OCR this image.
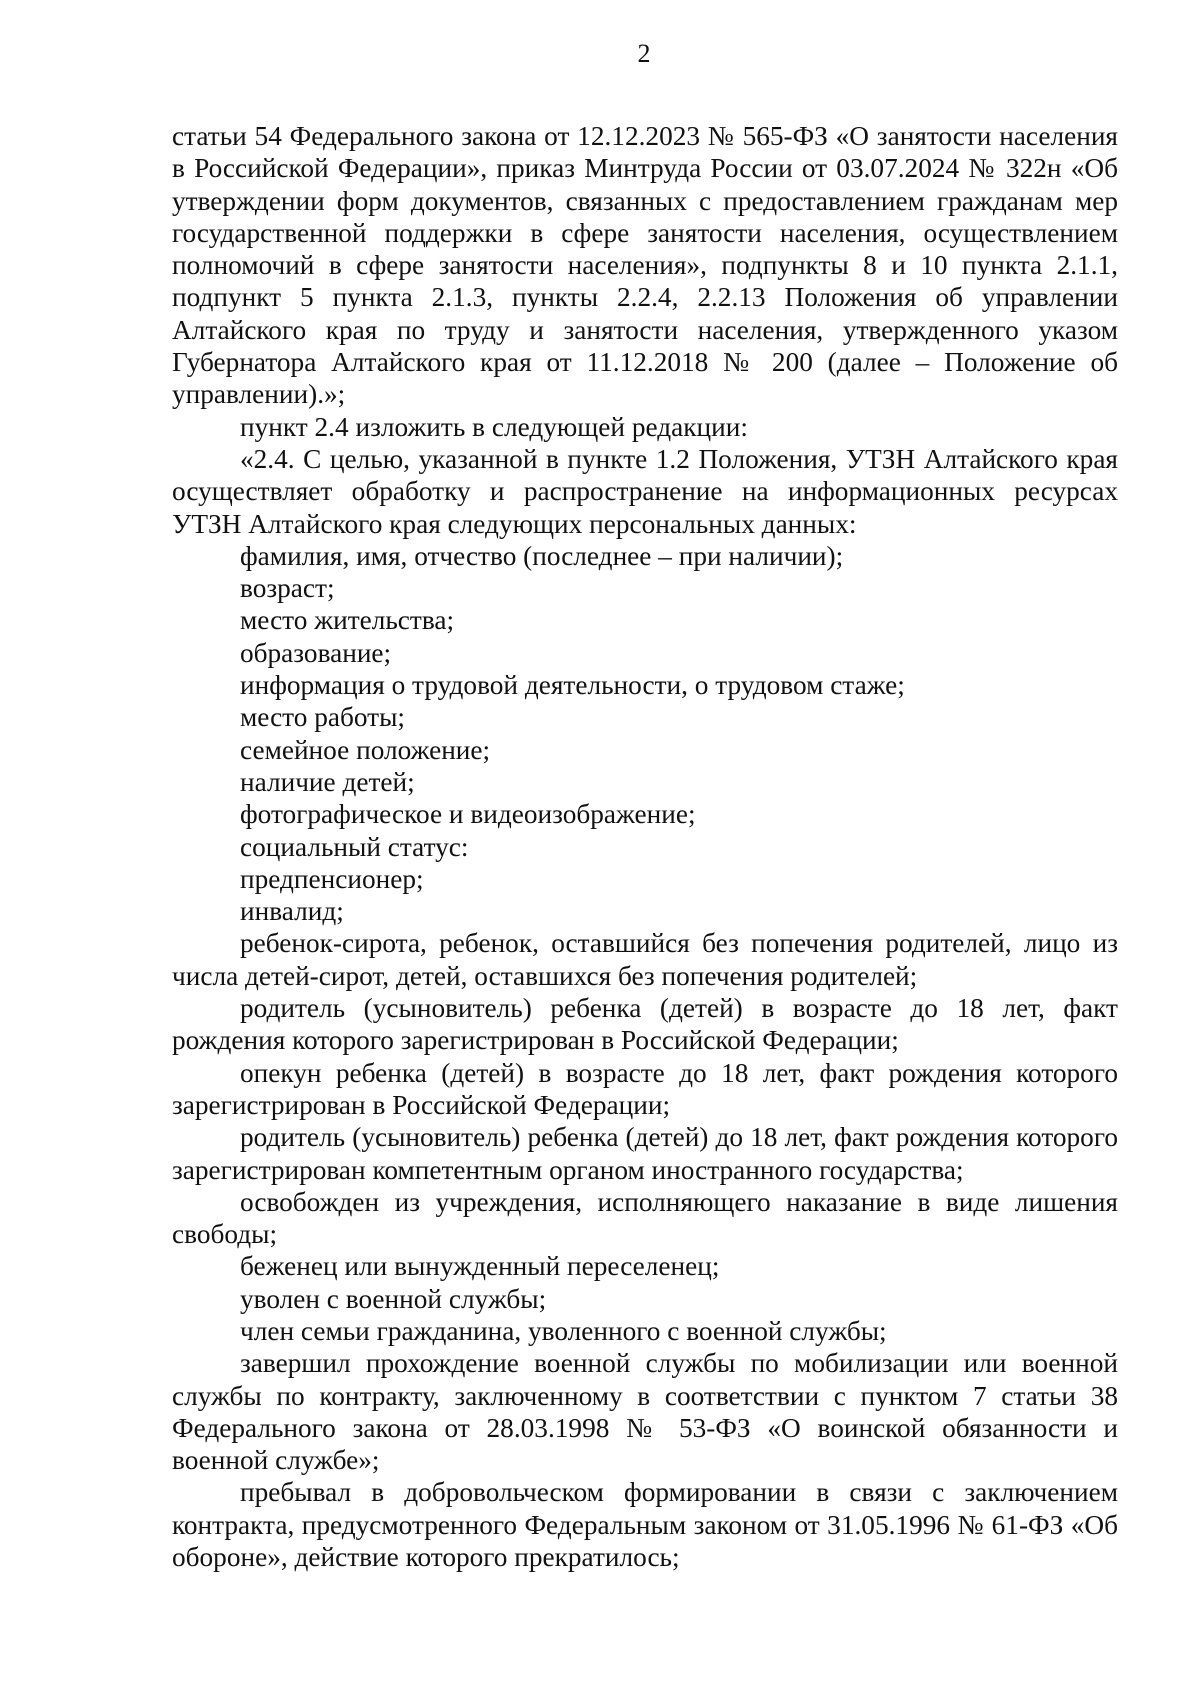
2

статьи 54 Федерального закона от 12.12.2023 № 565-ФЗ «О занятости населения в Российской Федерации», приказ Минтруда России от 03.07.2024 № 322н «Об утверждении форм документов, связанных с предоставлением гражданам мер государственной поддержки в сфере занятости населения, осуществлением полномочий в сфере занятости населения», подпункты 8 и 10 пункта 2.1.1, подпункт 5 пункта 2.1.3, пункты 2.2.4, 2.2.13 Положения об управлении Алтайского края по труду и занятости населения, утвержденного указом Губернатора Алтайского края от 11.12.2018 № 200 (далее – Положение об управлении).»;

пункт 2.4 изложить в следующей редакции:

«2.4. С целью, указанной в пункте 1.2 Положения, УТЗН Алтайского края осуществляет обработку и распространение на информационных ресурсах УТЗН Алтайского края следующих персональных данных:

фамилия, имя, отчество (последнее – при наличии);

возраст;

место жительства;

образование;

информация о трудовой деятельности, о трудовом стаже;

место работы;

семейное положение;

наличие детей;

фотографическое и видеоизображение;

социальный статус:

предпенсионер;

инвалид;

ребенок-сирота, ребенок, оставшийся без попечения родителей, лицо из числа детей-сирот, детей, оставшихся без попечения родителей;

родитель (усыновитель) ребенка (детей) в возрасте до 18 лет, факт рождения которого зарегистрирован в Российской Федерации;

опекун ребенка (детей) в возрасте до 18 лет, факт рождения которого зарегистрирован в Российской Федерации;

родитель (усыновитель) ребенка (детей) до 18 лет, факт рождения которого зарегистрирован компетентным органом иностранного государства;

освобожден из учреждения, исполняющего наказание в виде лишения свободы;

беженец или вынужденный переселенец;

уволен с военной службы;

член семьи гражданина, уволенного с военной службы;

завершил прохождение военной службы по мобилизации или военной службы по контракту, заключенному в соответствии с пунктом 7 статьи 38 Федерального закона от 28.03.1998 № 53-ФЗ «О воинской обязанности и военной службе»;

пребывал в добровольческом формировании в связи с заключением контракта, предусмотренного Федеральным законом от 31.05.1996 № 61-ФЗ «Об обороне», действие которого прекратилось;
